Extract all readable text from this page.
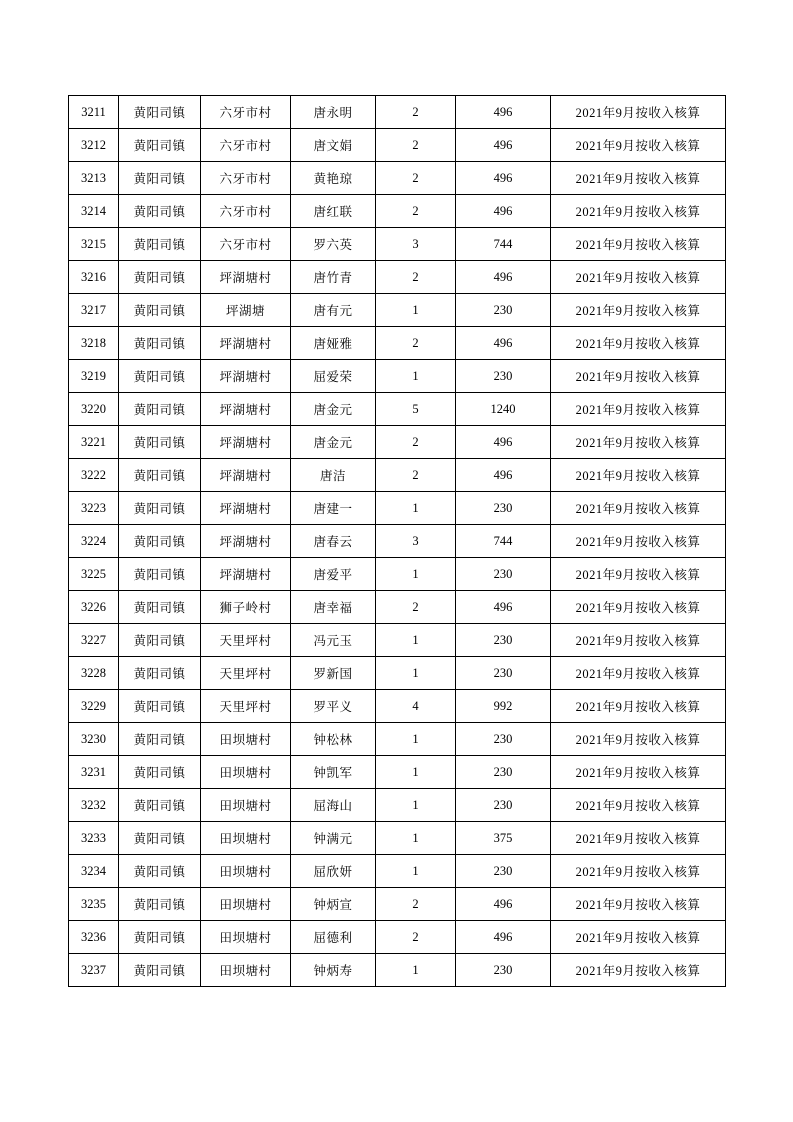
3211	黄阳司镇	六牙市村	唐永明	2	496	2021年9月按收入核算
3212	黄阳司镇	六牙市村	唐文娟	2	496	2021年9月按收入核算
3213	黄阳司镇	六牙市村	黄艳琼	2	496	2021年9月按收入核算
3214	黄阳司镇	六牙市村	唐红联	2	496	2021年9月按收入核算
3215	黄阳司镇	六牙市村	罗六英	3	744	2021年9月按收入核算
3216	黄阳司镇	坪湖塘村	唐竹青	2	496	2021年9月按收入核算
3217	黄阳司镇	坪湖塘	唐有元	1	230	2021年9月按收入核算
3218	黄阳司镇	坪湖塘村	唐娅雅	2	496	2021年9月按收入核算
3219	黄阳司镇	坪湖塘村	屈爱荣	1	230	2021年9月按收入核算
3220	黄阳司镇	坪湖塘村	唐金元	5	1240	2021年9月按收入核算
3221	黄阳司镇	坪湖塘村	唐金元	2	496	2021年9月按收入核算
3222	黄阳司镇	坪湖塘村	唐洁	2	496	2021年9月按收入核算
3223	黄阳司镇	坪湖塘村	唐建一	1	230	2021年9月按收入核算
3224	黄阳司镇	坪湖塘村	唐春云	3	744	2021年9月按收入核算
3225	黄阳司镇	坪湖塘村	唐爱平	1	230	2021年9月按收入核算
3226	黄阳司镇	狮子岭村	唐幸福	2	496	2021年9月按收入核算
3227	黄阳司镇	天里坪村	冯元玉	1	230	2021年9月按收入核算
3228	黄阳司镇	天里坪村	罗新国	1	230	2021年9月按收入核算
3229	黄阳司镇	天里坪村	罗平义	4	992	2021年9月按收入核算
3230	黄阳司镇	田坝塘村	钟松林	1	230	2021年9月按收入核算
3231	黄阳司镇	田坝塘村	钟凯军	1	230	2021年9月按收入核算
3232	黄阳司镇	田坝塘村	屈海山	1	230	2021年9月按收入核算
3233	黄阳司镇	田坝塘村	钟满元	1	375	2021年9月按收入核算
3234	黄阳司镇	田坝塘村	屈欣妍	1	230	2021年9月按收入核算
3235	黄阳司镇	田坝塘村	钟炳宣	2	496	2021年9月按收入核算
3236	黄阳司镇	田坝塘村	屈德利	2	496	2021年9月按收入核算
3237	黄阳司镇	田坝塘村	钟炳寿	1	230	2021年9月按收入核算
